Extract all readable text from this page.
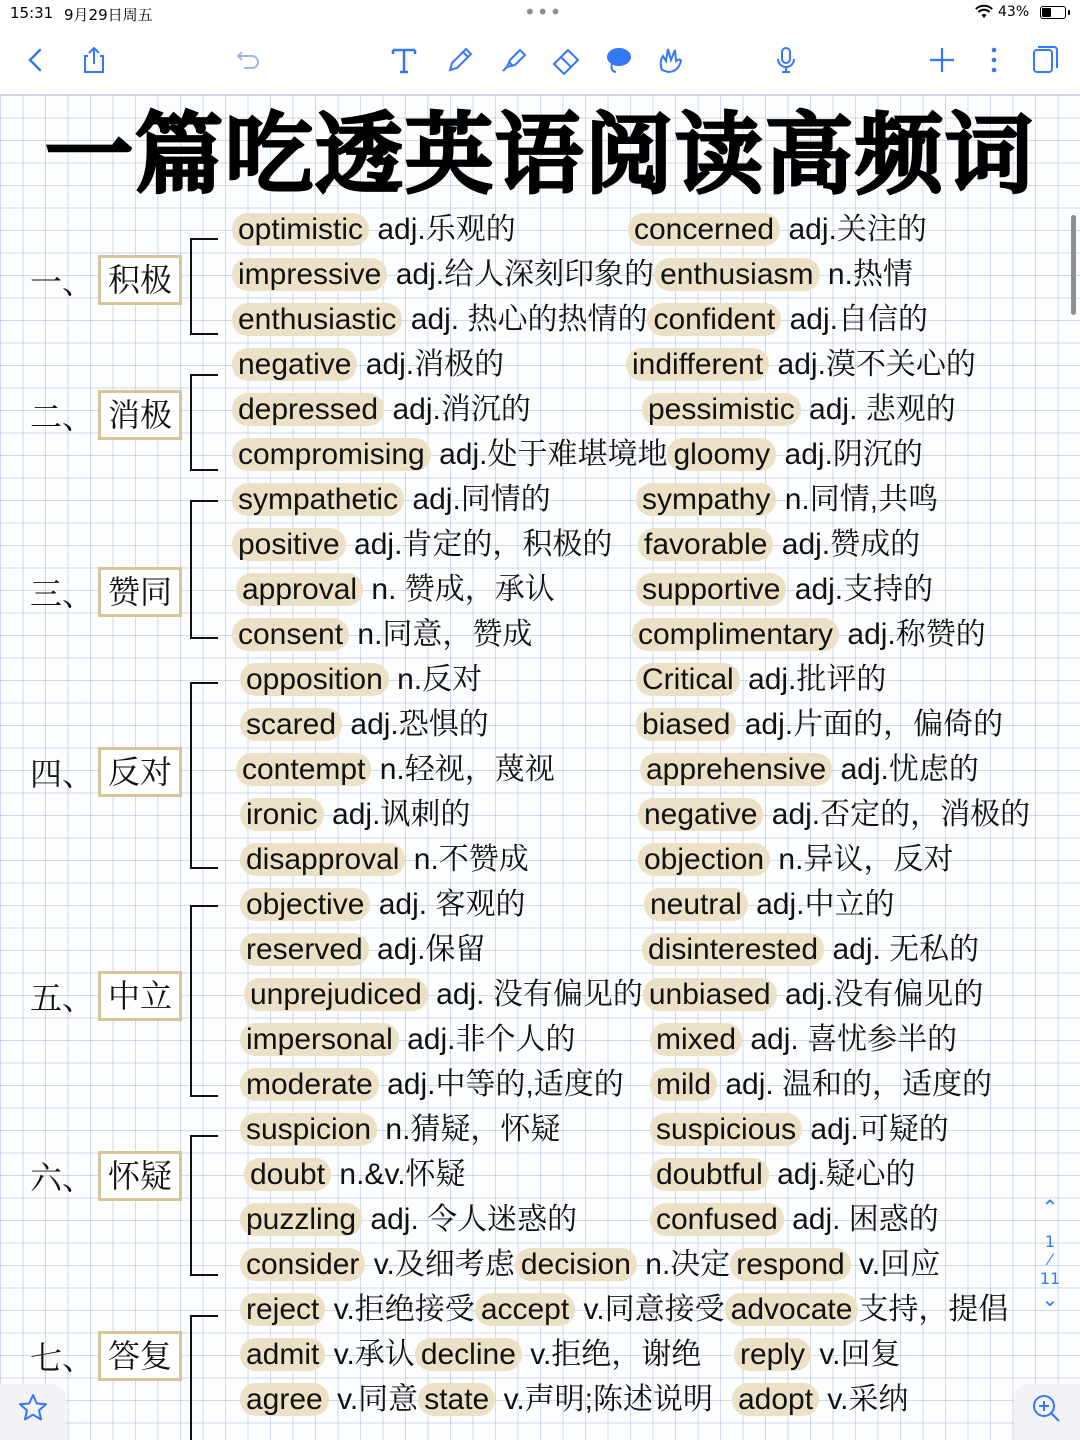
15:31 9月29日周五	•••	43%
一篇吃透英语阅读高频词
一、 积极
二、 消极
三、 赞同
四、 反对
五、 中立
六、 怀疑
七、 答复
optimistic adj.乐观的	concerned adj.关注的
impressive adj.给人深刻印象的 enthusiasm n.热情
enthusiastic adj. 热心的热情的 confident adj.自信的
negative adj.消极的	indifferent adj.漠不关心的
depressed adj.消沉的	pessimistic adj. 悲观的
compromising adj.处于难堪境地 gloomy adj.阴沉的
sympathetic adj.同情的	sympathy n.同情,共鸣
positive adj.肯定的，积极的 favorable adj.赞成的
approval n. 赞成，承认	supportive adj.支持的
consent n.同意，赞成	complimentary adj.称赞的
opposition n.反对	Critical adj.批评的
scared adj.恐惧的	biased adj.片面的，偏倚的
contempt n.轻视，蔑视	apprehensive adj.忧虑的
ironic adj.讽刺的	negative adj.否定的，消极的
disapproval n.不赞成	objection n.异议，反对
objective adj. 客观的	neutral adj.中立的
reserved adj.保留	disinterested adj. 无私的
unprejudiced adj. 没有偏见的 unbiased adj.没有偏见的
impersonal adj.非个人的	mixed adj. 喜忧参半的
moderate adj.中等的,适度的 mild adj. 温和的，适度的
suspicion n.猜疑，怀疑	suspicious adj.可疑的
doubt n.&v.怀疑	doubtful adj.疑心的
puzzling adj. 令人迷惑的	confused adj. 困惑的
consider v.及细考虑 decision n.决定 respond v.回应
reject v.拒绝接受 accept v.同意接受 advocate 支持，提倡
admit v.承认 decline v.拒绝，谢绝 reply v.回复
agree v.同意 state v.声明;陈述说明 adopt v.采纳
⌃
1
⁄
11
⌄
